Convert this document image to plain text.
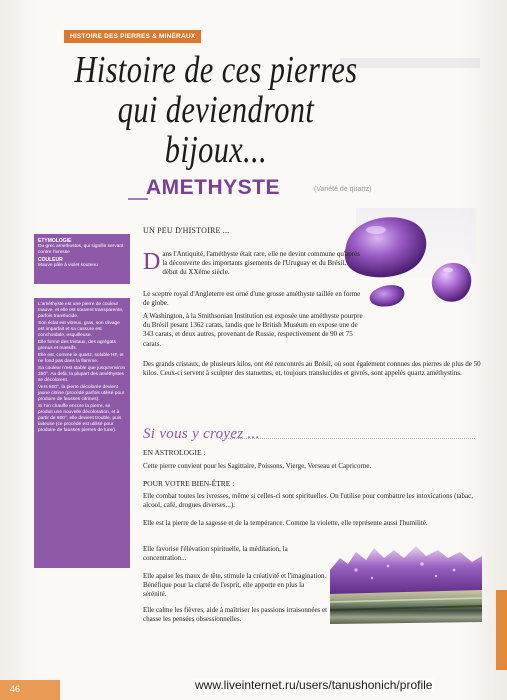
HISTOIRE DES PIERRES & MINÉRAUX
Histoire de ces pierres
qui deviendront bijoux...
AMETHYSTE	(Variété de quartz)
ETYMOLOGIE

Du grec amethustos, qui signifie servant contre l'ivresse

COULEUR

Mauve pâle à violet soutenu

L'améthyste est une pierre de couleur mauve, et elle est souvent transparente, parfois translucide.

Son éclat est vitreux, gras, son clivage est imparfait et sa cassure est conchoïdale, esquilleuse.

Elle forme des tristaux, des agrégats grenus et massifs.

Elle est, comme le quartz, soluble HF, et ne fond pas dans la flamme.

Sa couleur n'est stable que jusqu'environ 250°. Au delà, la plupart des améthystes se décolorent.

Vers 500°, la pierre décolorée devient jaune citrine (procédé parfois utilisé pour produire de fausses citrines).

Si l'on chauffe encore la pierre, se produit une nouvelle décoloration, et à partir de 600°, elle devient trouble, puis laiteuse (ce procédé est utilisé pour produire de fausses pierres de lune).

UN PEU D'HISTOIRE ...
D ans l'Antiquité, l'améthyste était rare, elle ne devint commune qu'après la découverte des importants gisements de l'Uruguay et du Brésil, début du XXème siècle.
Le sceptre royal d'Angleterre est orné d'une grosse améthyste taillée en forme de globe.
A Washington, à la Smithsonian Institution est exposée une améthyste pourpre du Brésil pesant 1362 carats, tandis que le British Muséum en expose une de 343 carats, et deux autres, provenant de Russie, respectivement de 90 et 75 carats.
Des grands cristaux, de plusieurs kilos, ont été rencontrés au Brésil, où sont également connues des pierres de plus de 50 kilos. Ceux-ci servent à sculpter des statuettes, et, toujours translucides et givrés, sont appelés quartz améthystins.
Si vous y croyez ...
EN ASTROLOGIE :
Cette pierre convient pour les Sagittaire, Poissons, Vierge, Verseau et Capricorne.
POUR VOTRE BIEN-ÊTRE :
Elle combat toutes les ivresses, même si celles-ci sont spirituelles. On l'utilise pour combattre les intoxications (tabac, alcool, café, drogues diverses...).
Elle est la pierre de la sagesse et de la tempérance. Comme la violette, elle représente aussi l'humilité.
Elle favorise l'élévation spirituelle, la méditation, la concentration...
Elle apaise les maux de tête, stimule la créativité et l'imagination. Bénéfique pour la clarté de l'esprit, elle apporte en plus la sérénité.
Elle calme les fièvres, aide à maîtriser les passions irraisonnées et chasse les pensées obsessionnelles.
46	www.liveinternet.ru/users/tanushonich/profile
